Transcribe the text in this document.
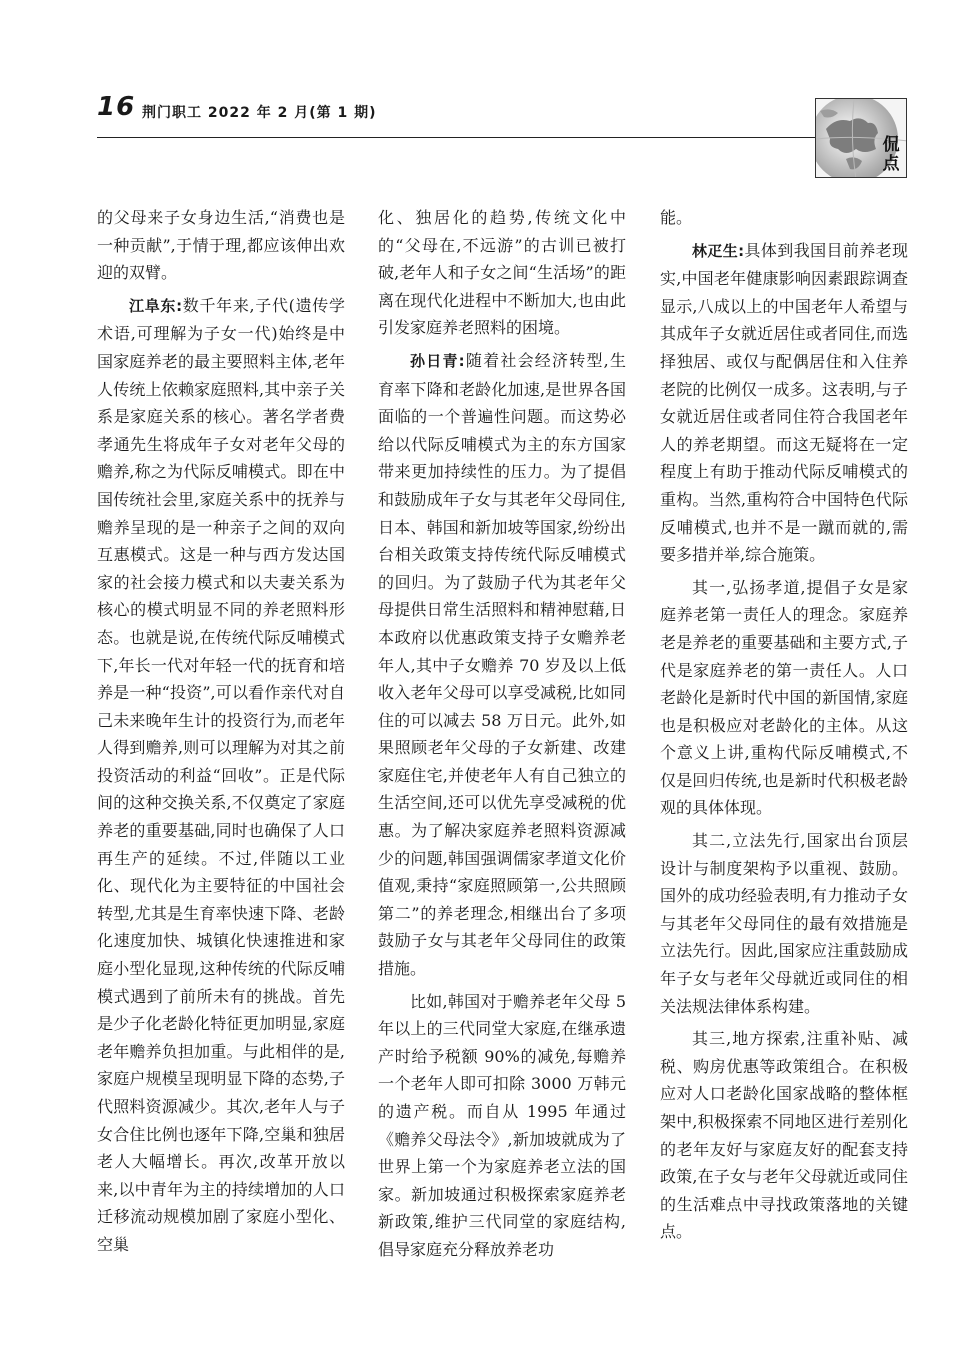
16 荆门职工 2022 年 2 月(第 1 期)
侃点

的父母来子女身边生活,“消费也是一种贡献”,于情于理,都应该伸出欢迎的双臂。

江阜东:数千年来,子代(遗传学术语,可理解为子女一代)始终是中国家庭养老的最主要照料主体,老年人传统上依赖家庭照料,其中亲子关系是家庭关系的核心。著名学者费孝通先生将成年子女对老年父母的赡养,称之为代际反哺模式。即在中国传统社会里,家庭关系中的抚养与赡养呈现的是一种亲子之间的双向互惠模式。这是一种与西方发达国家的社会接力模式和以夫妻关系为核心的模式明显不同的养老照料形态。也就是说,在传统代际反哺模式下,年长一代对年轻一代的抚育和培养是一种“投资”,可以看作亲代对自己未来晚年生计的投资行为,而老年人得到赡养,则可以理解为对其之前投资活动的利益“回收”。正是代际间的这种交换关系,不仅奠定了家庭养老的重要基础,同时也确保了人口再生产的延续。不过,伴随以工业化、现代化为主要特征的中国社会转型,尤其是生育率快速下降、老龄化速度加快、城镇化快速推进和家庭小型化显现,这种传统的代际反哺模式遇到了前所未有的挑战。首先是少子化老龄化特征更加明显,家庭老年赡养负担加重。与此相伴的是,家庭户规模呈现明显下降的态势,子代照料资源减少。其次,老年人与子女合住比例也逐年下降,空巢和独居老人大幅增长。再次,改革开放以来,以中青年为主的持续增加的人口迁移流动规模加剧了家庭小型化、空巢

化、独居化的趋势,传统文化中的“父母在,不远游”的古训已被打破,老年人和子女之间“生活场”的距离在现代化进程中不断加大,也由此引发家庭养老照料的困境。

孙日青:随着社会经济转型,生育率下降和老龄化加速,是世界各国面临的一个普遍性问题。而这势必给以代际反哺模式为主的东方国家带来更加持续性的压力。为了提倡和鼓励成年子女与其老年父母同住,日本、韩国和新加坡等国家,纷纷出台相关政策支持传统代际反哺模式的回归。为了鼓励子代为其老年父母提供日常生活照料和精神慰藉,日本政府以优惠政策支持子女赡养老年人,其中子女赡养 70 岁及以上低收入老年父母可以享受减税,比如同住的可以减去 58 万日元。此外,如果照顾老年父母的子女新建、改建家庭住宅,并使老年人有自己独立的生活空间,还可以优先享受减税的优惠。为了解决家庭养老照料资源减少的问题,韩国强调儒家孝道文化价值观,秉持“家庭照顾第一,公共照顾第二”的养老理念,相继出台了多项鼓励子女与其老年父母同住的政策措施。

比如,韩国对于赡养老年父母 5 年以上的三代同堂大家庭,在继承遗产时给予税额 90%的减免,每赡养一个老年人即可扣除 3000 万韩元的遗产税。而自从 1995 年通过《赡养父母法令》,新加坡就成为了世界上第一个为家庭养老立法的国家。新加坡通过积极探索家庭养老新政策,维护三代同堂的家庭结构,倡导家庭充分释放养老功

能。

林疋生:具体到我国目前养老现实,中国老年健康影响因素跟踪调查显示,八成以上的中国老年人希望与其成年子女就近居住或者同住,而选择独居、或仅与配偶居住和入住养老院的比例仅一成多。这表明,与子女就近居住或者同住符合我国老年人的养老期望。而这无疑将在一定程度上有助于推动代际反哺模式的重构。当然,重构符合中国特色代际反哺模式,也并不是一蹴而就的,需要多措并举,综合施策。

其一,弘扬孝道,提倡子女是家庭养老第一责任人的理念。家庭养老是养老的重要基础和主要方式,子代是家庭养老的第一责任人。人口老龄化是新时代中国的新国情,家庭也是积极应对老龄化的主体。从这个意义上讲,重构代际反哺模式,不仅是回归传统,也是新时代积极老龄观的具体体现。

其二,立法先行,国家出台顶层设计与制度架构予以重视、鼓励。国外的成功经验表明,有力推动子女与其老年父母同住的最有效措施是立法先行。因此,国家应注重鼓励成年子女与老年父母就近或同住的相关法规法律体系构建。

其三,地方探索,注重补贴、减税、购房优惠等政策组合。在积极应对人口老龄化国家战略的整体框架中,积极探索不同地区进行差别化的老年友好与家庭友好的配套支持政策,在子女与老年父母就近或同住的生活难点中寻找政策落地的关键点。
